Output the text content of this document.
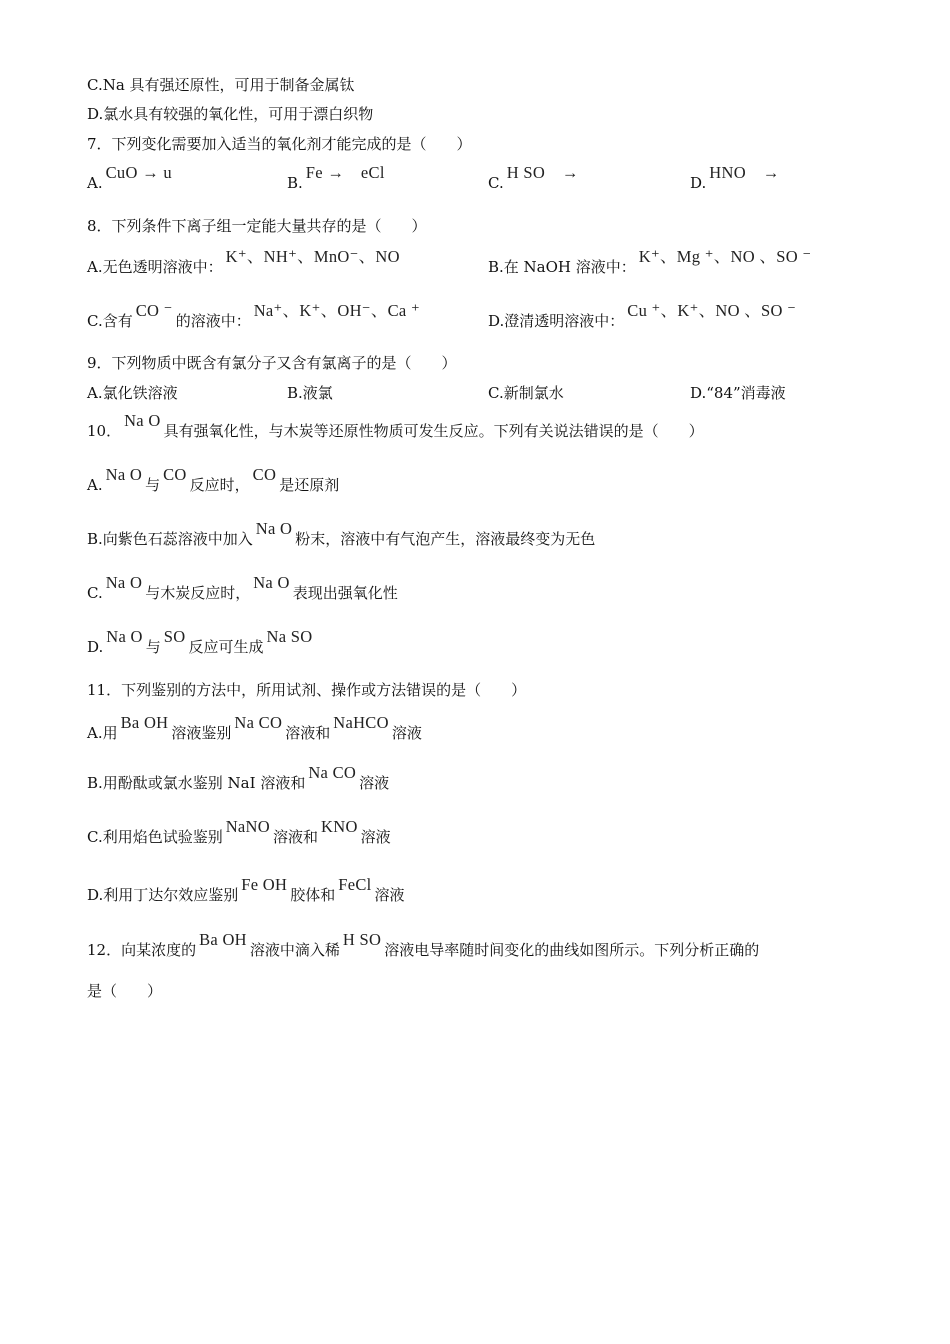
C.Na 具有强还原性，可用于制备金属钛
D.氯水具有较强的氧化性，可用于漂白织物
7．下列变化需要加入适当的氧化剂才能完成的是（　　）
A.CuO → u
B.Fe →　eCl
C.H SO　→
D.HNO　→
8．下列条件下离子组一定能大量共存的是（　　）
A.无色透明溶液中：K⁺、NH⁺、MnO⁻、NO
B.在 NaOH 溶液中：K⁺、Mg ⁺、NO 、SO ⁻
C.含有CO ⁻的溶液中：Na⁺、K⁺、OH⁻、Ca ⁺
D.澄清透明溶液中：Cu ⁺、K⁺、NO 、SO ⁻
9．下列物质中既含有氯分子又含有氯离子的是（　　）
A.氯化铁溶液	B.液氯	C.新制氯水	D.“84”消毒液
10．Na O具有强氧化性，与木炭等还原性物质可发生反应。下列有关说法错误的是（　　）
A.Na O与CO反应时，CO是还原剂
B.向紫色石蕊溶液中加入Na O粉末，溶液中有气泡产生，溶液最终变为无色
C.Na O与木炭反应时，Na O表现出强氧化性
D.Na O与SO反应可生成Na SO
11．下列鉴别的方法中，所用试剂、操作或方法错误的是（　　）
A.用Ba OH溶液鉴别Na CO溶液和NaHCO溶液
B.用酚酞或氯水鉴别 NaI 溶液和Na CO溶液
C.利用焰色试验鉴别NaNO溶液和KNO溶液
D.利用丁达尔效应鉴别Fe OH胶体和FeCl溶液
12．向某浓度的Ba OH溶液中滴入稀H SO溶液电导率随时间变化的曲线如图所示。下列分析正确的
是（　　）
